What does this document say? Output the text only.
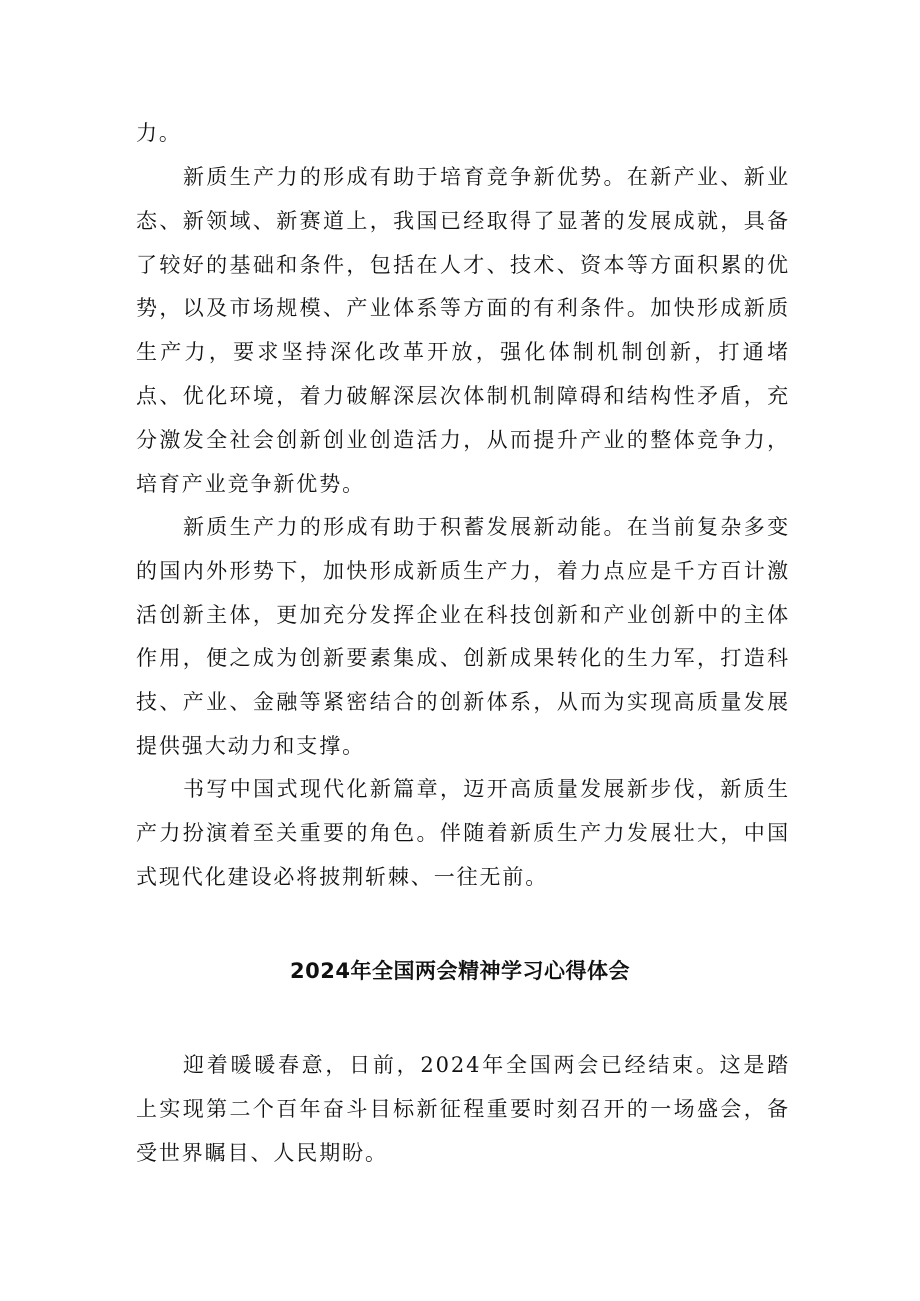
力。

新质生产力的形成有助于培育竞争新优势。在新产业、新业态、新领域、新赛道上，我国已经取得了显著的发展成就，具备了较好的基础和条件，包括在人才、技术、资本等方面积累的优势，以及市场规模、产业体系等方面的有利条件。加快形成新质生产力，要求坚持深化改革开放，强化体制机制创新，打通堵点、优化环境，着力破解深层次体制机制障碍和结构性矛盾，充分激发全社会创新创业创造活力，从而提升产业的整体竞争力，培育产业竞争新优势。

新质生产力的形成有助于积蓄发展新动能。在当前复杂多变的国内外形势下，加快形成新质生产力，着力点应是千方百计激活创新主体，更加充分发挥企业在科技创新和产业创新中的主体作用，便之成为创新要素集成、创新成果转化的生力军，打造科技、产业、金融等紧密结合的创新体系，从而为实现高质量发展提供强大动力和支撑。

书写中国式现代化新篇章，迈开高质量发展新步伐，新质生产力扮演着至关重要的角色。伴随着新质生产力发展壮大，中国式现代化建设必将披荆斩棘、一往无前。

2024年全国两会精神学习心得体会

迎着暖暖春意，日前，2024年全国两会已经结束。这是踏上实现第二个百年奋斗目标新征程重要时刻召开的一场盛会，备受世界瞩目、人民期盼。
